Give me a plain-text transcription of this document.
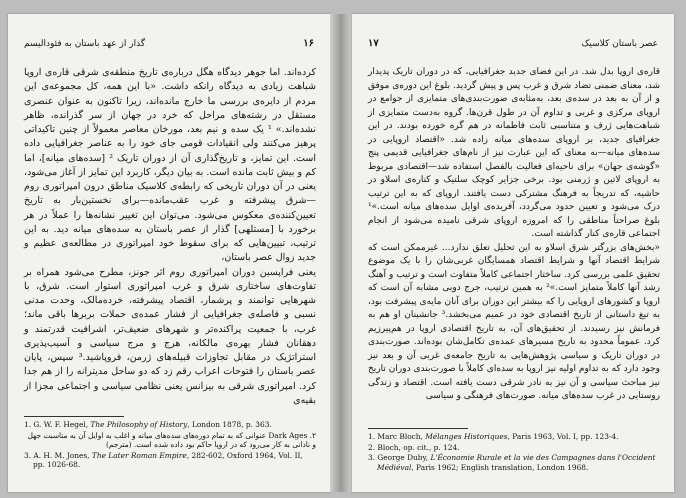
۱۶
گذار از عهد باستان به فئودالیسم

کرده‌اند. اما جوهر دیدگاه هگل درباره‌ی تاریخ منطقه‌ی شرقی قاره‌ی اروپا شباهت زیادی به دیدگاه رانکه داشت. «با این همه، کل مجموعه‌ی این مردم از دایره‌ی بررسی ما خارج مانده‌اند، زیرا تاکنون به عنوان عنصری مستقل در رشته‌های مراحل که خرد در جهان از سر گذرانده، ظاهر نشده‌اند.» ¹ یک سده و نیم بعد، مورخان معاصر معمولاً از چنین تاکیداتی پرهیز می‌کنند ولی انقیادات قومی جای خود را به عناصر جغرافیایی داده است. این تمایز، و تاریخ‌گذاری آن از دوران تاریک ² [سده‌های میانه]، اما کم و بیش ثابت مانده است. به بیان دیگر، کاربرد این تمایز از آغاز می‌شود، یعنی در آن دوران تاریخی که رابطه‌ی کلاسیک مناطق درون امپراتوری روم—شرق پیشرفته و غرب عقب‌مانده—برای نخستین‌بار به تاریخ تعیین‌کننده‌ی معکوس می‌شود. می‌توان این تغییر نشانه‌ها را عملاً در هر برخورد با [مستلهی] گذار از عصر باستان به سده‌های میانه دید. به این ترتیب، تبیین‌هایی که برای سقوط خود امپراتوری در مطالعه‌ی عظیم و جدید زوال عصر باستان،

یعنی فراپسین دوران امپراتوری روم اثر جونز، مطرح می‌شود همراه بر تفاوت‌های ساختاری شرق و غرب امپراتوری استوار است. شرق، با شهرهایی توانمند و پرشمار، اقتصاد پیشرفته، خرده‌مالک، وحدت مدنی نسبی و فاصله‌ی جغرافیایی از فشار عمده‌ی حملات بربرها باقی ماند؛ غرب، با جمعیت پراکنده‌تر و شهرهای ضعیف‌تر، اشرافیت قدرتمند و دهقانان فشار بهره‌ی مالکانه، هرج و مرج سیاسی و آسیب‌پذیری استراتژیک در مقابل تجاوزات قبیله‌های ژرمن، فروپاشید.³ سپس، پایان عصر باستان را فتوحات اعراب رقم زد که دو ساحل مدیترانه را از هم جدا کرد. امپراتوری شرقی به بیزانس یعنی نظامی سیاسی و اجتماعی مجزا از بقیه‌ی

1. G. W. F. Hegel, The Philosophy of History, London 1878, p. 363.

۲. Dark Ages عنوانی که به تمام دوره‌های سده‌های میانه و اغلب به اوایل آن به مناسبت جهل و نادانی به کار می‌رود که در اروپا حاکم بود داده شده است. (مترجم)

3. A. H. M. Jones, The Later Roman Empire, 282-602, Oxford 1964, Vol. II, pp. 1026-68.

عصر باستان کلاسیک
۱۷

قاره‌ی اروپا بدل شد. در این فضای جدید جغرافیایی، که در دوران تاریک پدیدار شد، معنای ضمنی تضاد شرق و غرب پس و پیش گردید. بلوغ این دوره‌ی موفق و از آن به بعد در سده‌ی بعد، به‌مثابه‌ی صورت‌بندی‌های متمایزی از جوامع در اروپای مرکزی و غربی و تداوم آن در طول قرن‌ها. گروه به‌دست متمایزی از شباهت‌هایی ژرف و متناسبی ثابت فاطمانه در هم گره خورده بودند. در این جغرافیای جدید، بر اروپای سده‌های میانه زاده شد. «اقتصاد اروپایی در سده‌های میانه—به معنای که این عبارت نیز از نام‌های جغرافیایی قدیمی پنج «گوشه‌ی جهان» برای ناحیه‌ای فعالیت بالفصل استفاده شد—اقتصادی مربوط به اروپای لاتین و ژرمنی بود. برخی جزایر کوچک سلتیک و کناره‌ی اسلاو در حاشیه، که تدریجاً به فرهنگ مشترکی دست یافتند. اروپای که به این ترتیب درک می‌شود و تعیین حدود می‌گردد، آفریده‌ی اوایل سده‌های میانه است.»¹ بلوغ صراحتاً مناطقی را که امروزه اروپای شرقی نامیده می‌شود از انجام اجتماعی قاره‌ی کنار گذاشته است.

«بخش‌های بزرگتر شرق اسلاو به این تحلیل تعلق ندارد... غیرممکن است که شرایط اقتصاد آنها و شرایط اقتصاد همسایگان غربی‌شان را با یک موضوع تحقیق علمی بررسی کرد. ساختار اجتماعی کاملاً متفاوت است و ترتیب و آهنگ رشد آنها کاملاً متمایز است.»² به همین ترتیب، جرج دوبی مشابه آن است که اروپا و کشورهای اروپایی را که بیشتر این دوران برای آنان مایه‌ی پیشرفت بود، به تیغ داستانی از تاریخ اقتصادی خود در عمیم می‌بخشد.³ جانشینان او هم به فرمانش نیز رسیدند. از تحقیق‌های آن، به تاریخ اقتصادی اروپا در هم‌پیرزیم کرد. عموماً محدود به تاریخ مسیرهای عمده‌ی تکامل‌شان بوده‌اند. صورت‌بندی در دوران تاریک و سیاسی پژوهش‌هایی به تاریخ جامعه‌ی غربی آن و بعد نیز وجود دارد که به تداوم اولیه نیز اروپا به سده‌ای کاملاً با صورت‌بندی دوران تاریخ نیز مباحث سیاسی و آن نیز به نادر شرقی دست یافته است. اقتصاد و زندگی روستایی در غرب سده‌های میانه. صورت‌های فرهنگی و سیاسی

1. Marc Bloch, Mélanges Historiques, Paris 1963, Vol. I, pp. 123-4.

2. Bloch, op. cit., p. 124.

3. George Duby, L'Économie Rurale et la vie des Campagnes dans l'Occident Médiéval, Paris 1962; English translation, London 1968.
